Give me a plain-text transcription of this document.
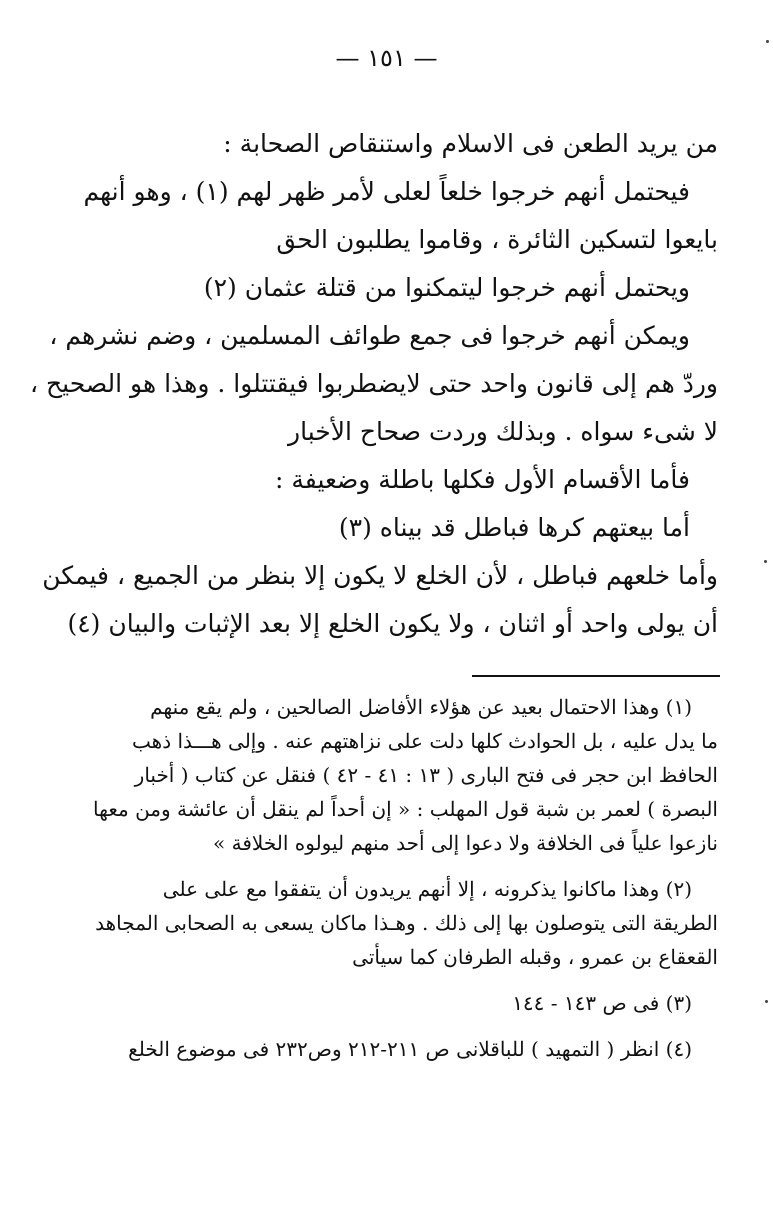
— ١٥١ —
من يريد الطعن فى الاسلام واستنقاص الصحابة :
فيحتمل أنهم خرجوا خلعاً لعلى لأمر ظهر لهم (١) ، وهو أنهم
بايعوا لتسكين الثائرة ، وقاموا يطلبون الحق
ويحتمل أنهم خرجوا ليتمكنوا من قتلة عثمان (٢)
ويمكن أنهم خرجوا فى جمع طوائف المسلمين ، وضم نشرهم ،
وردّ هم إلى قانون واحد حتى لايضطربوا فيقتتلوا . وهذا هو الصحيح ،
لا شىء سواه . وبذلك وردت صحاح الأخبار
فأما الأقسام الأول فكلها باطلة وضعيفة :
أما بيعتهم كرها فباطل قد بيناه (٣)
وأما خلعهم فباطل ، لأن الخلع لا يكون إلا بنظر من الجميع ، فيمكن
أن يولى واحد أو اثنان ، ولا يكون الخلع إلا بعد الإثبات والبيان (٤)
(١) وهذا الاحتمال بعيد عن هؤلاء الأفاضل الصالحين ، ولم يقع منهم
ما يدل عليه ، بل الحوادث كلها دلت على نزاهتهم عنه . وإلى هـــذا ذهب
الحافظ ابن حجر فى فتح البارى ( ١٣ : ٤١ - ٤٢ ) فنقل عن كتاب ( أخبار
البصرة ) لعمر بن شبة قول المهلب : « إن أحداً لم ينقل أن عائشة ومن معها
نازعوا علياً فى الخلافة ولا دعوا إلى أحد منهم ليولوه الخلافة »
(٢) وهذا ماكانوا يذكرونه ، إلا أنهم يريدون أن يتفقوا مع على على
الطريقة التى يتوصلون بها إلى ذلك . وهـذا ماكان يسعى به الصحابى المجاهد
القعقاع بن عمرو ، وقبله الطرفان كما سيأتى
(٣) فى ص ١٤٣ - ١٤٤
(٤) انظر ( التمهيد ) للباقلانى ص ٢١١-٢١٢ وص٢٣٢ فى موضوع الخلع
